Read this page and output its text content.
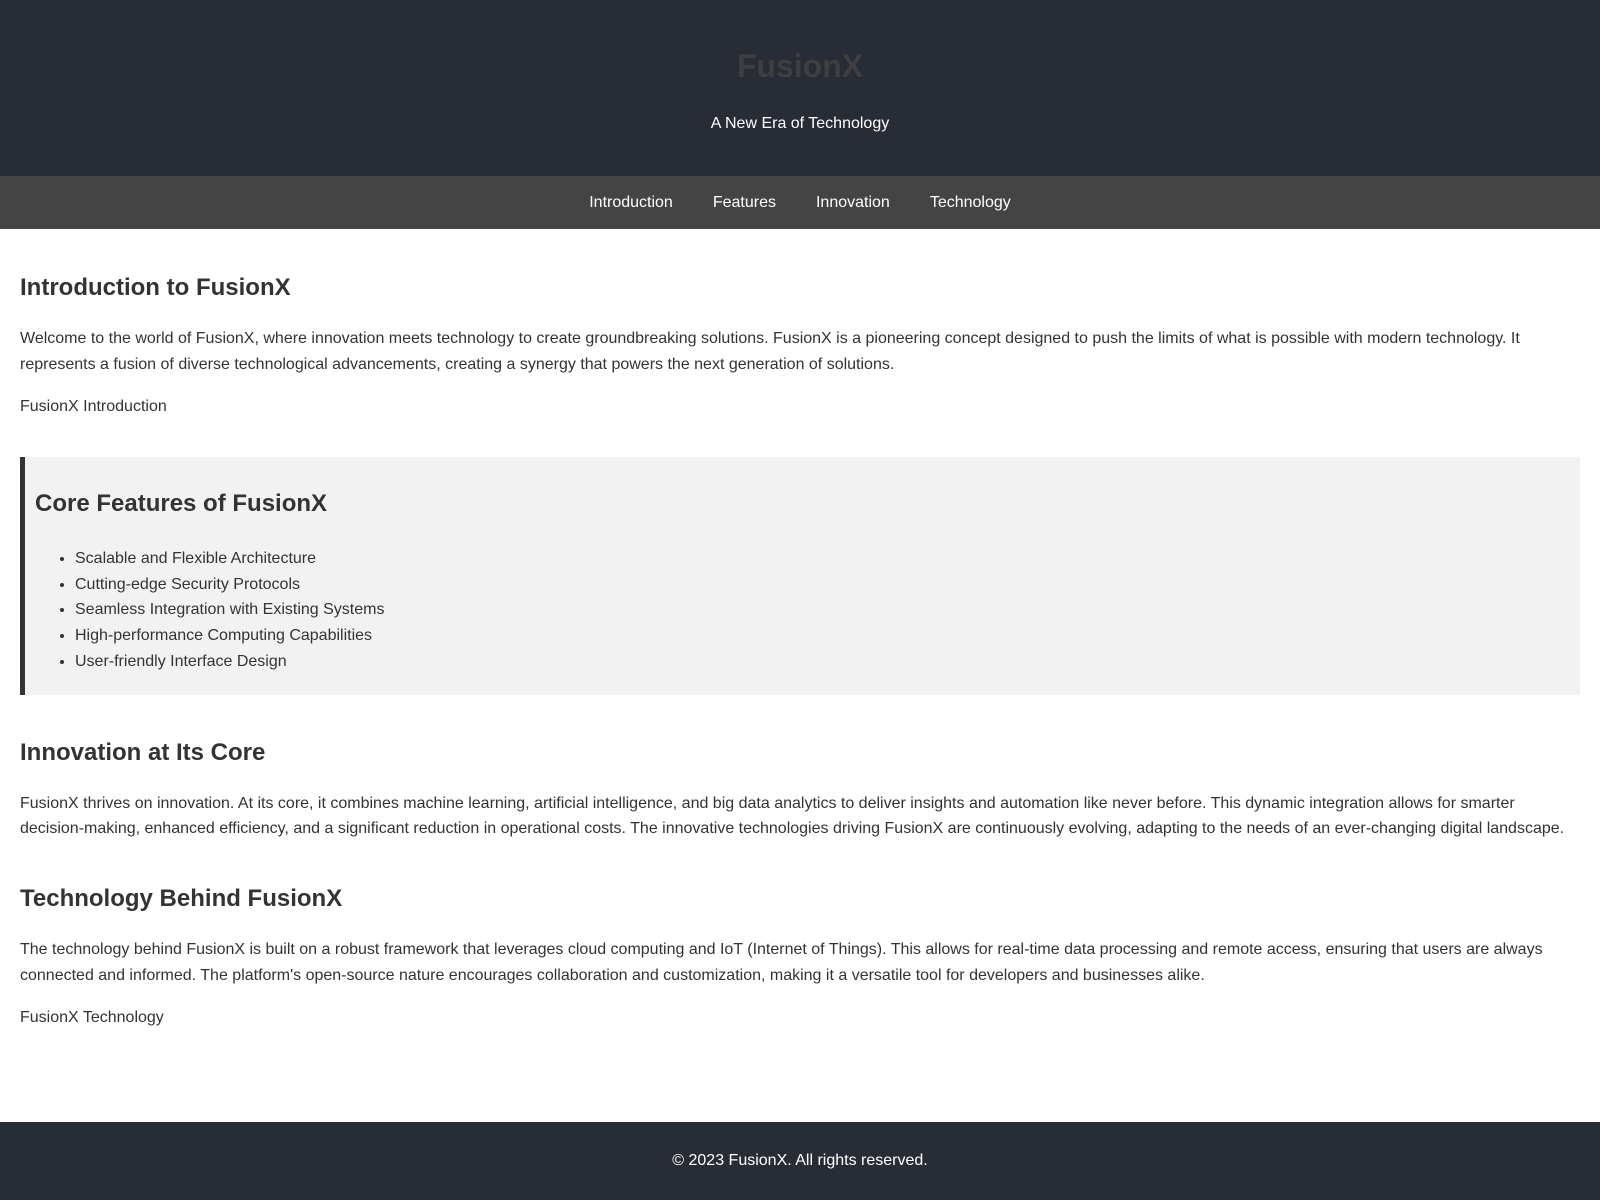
FusionX

A New Era of Technology

Introduction	Features	Innovation	Technology
Introduction to FusionX

Welcome to the world of FusionX, where innovation meets technology to create groundbreaking solutions. FusionX is a pioneering concept designed to push the limits of what is possible with modern technology. It represents a fusion of diverse technological advancements, creating a synergy that powers the next generation of solutions.

FusionX Introduction
Core Features of FusionX
• Scalable and Flexible Architecture
• Cutting-edge Security Protocols
• Seamless Integration with Existing Systems
• High-performance Computing Capabilities
• User-friendly Interface Design
Innovation at Its Core

FusionX thrives on innovation. At its core, it combines machine learning, artificial intelligence, and big data analytics to deliver insights and automation like never before. This dynamic integration allows for smarter decision-making, enhanced efficiency, and a significant reduction in operational costs. The innovative technologies driving FusionX are continuously evolving, adapting to the needs of an ever-changing digital landscape.

Technology Behind FusionX

The technology behind FusionX is built on a robust framework that leverages cloud computing and IoT (Internet of Things). This allows for real-time data processing and remote access, ensuring that users are always connected and informed. The platform's open-source nature encourages collaboration and customization, making it a versatile tool for developers and businesses alike.

FusionX Technology

© 2023 FusionX. All rights reserved.
